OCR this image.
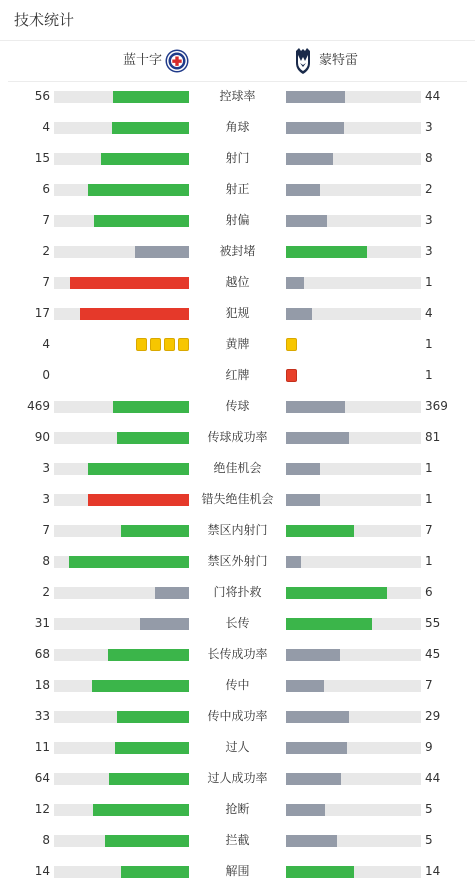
技术统计
蓝十字	蒙特雷
56	控球率	44
4	角球	3
15	射门	8
6	射正	2
7	射偏	3
2	被封堵	3
7	越位	1
17	犯规	4
4	黄牌	1
0	红牌	1
469	传球	369
90	传球成功率	81
3	绝佳机会	1
3	错失绝佳机会	1
7	禁区内射门	7
8	禁区外射门	1
2	门将扑救	6
31	长传	55
68	长传成功率	45
18	传中	7
33	传中成功率	29
11	过人	9
64	过人成功率	44
12	抢断	5
8	拦截	5
14	解围	14
